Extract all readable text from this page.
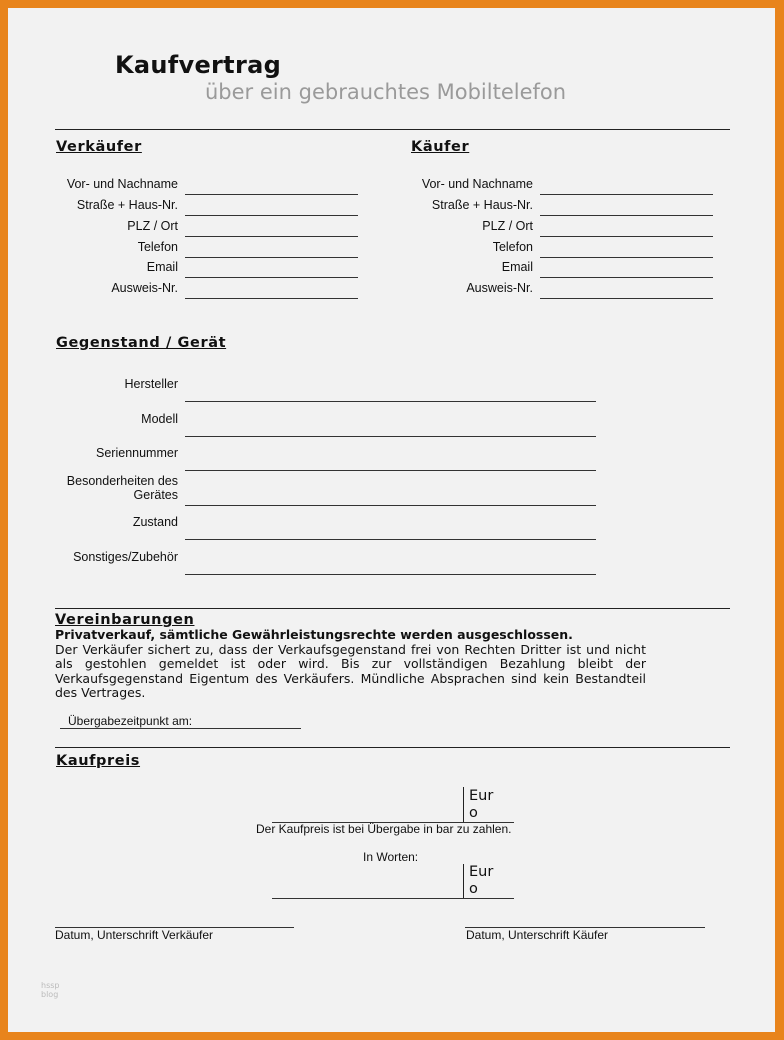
Kaufvertrag
über ein gebrauchtes Mobiltelefon
Verkäufer
Vor- und Nachname
Straße + Haus-Nr.
PLZ / Ort
Telefon
Email
Ausweis-Nr.
Käufer
Vor- und Nachname
Straße + Haus-Nr.
PLZ / Ort
Telefon
Email
Ausweis-Nr.
Gegenstand / Gerät
Hersteller
Modell
Seriennummer
Besonderheiten des
Gerätes
Zustand
Sonstiges/Zubehör
Vereinbarungen

Privatverkauf, sämtliche Gewährleistungsrechte werden ausgeschlossen.

Der Verkäufer sichert zu, dass der Verkaufsgegenstand frei von Rechten Dritter ist und nicht als gestohlen gemeldet ist oder wird. Bis zur vollständigen Bezahlung bleibt der Verkaufsgegenstand Eigentum des Verkäufers. Mündliche Absprachen sind kein Bestandteil des Vertrages.

Übergabezeitpunkt am:
Kaufpreis
Euro
Der Kaufpreis ist bei Übergabe in bar zu zahlen.
In Worten:
Euro
Datum, Unterschrift Verkäufer	Datum, Unterschrift Käufer
hssp
blog
